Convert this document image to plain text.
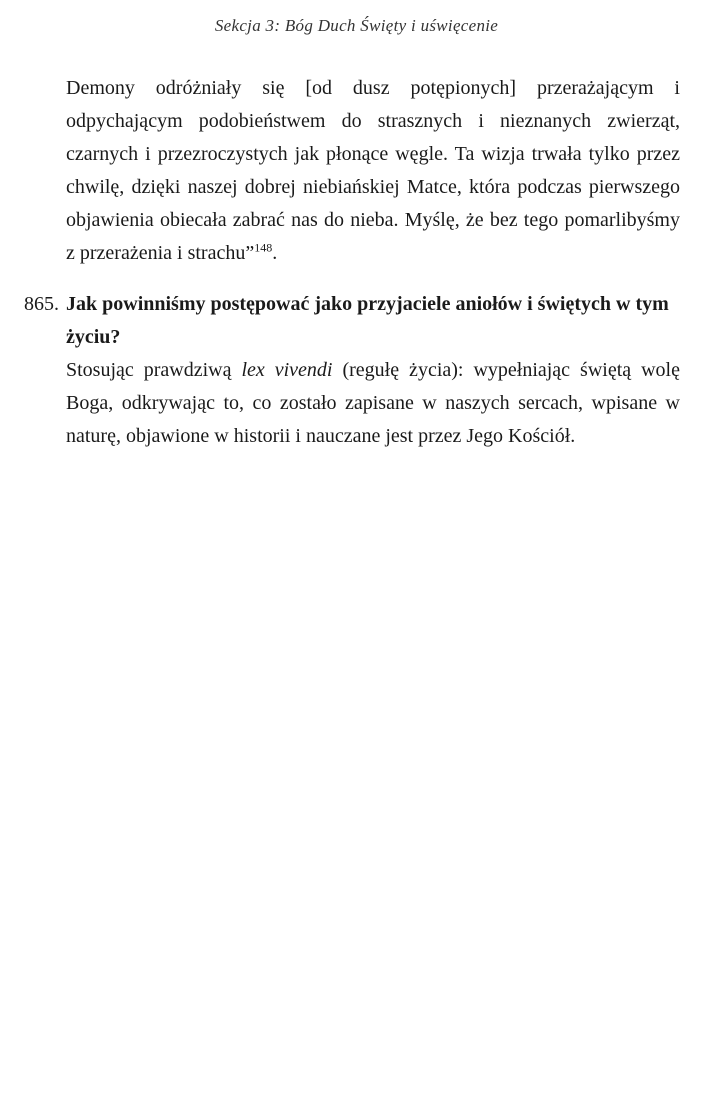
Sekcja 3: Bóg Duch Święty i uświęcenie

Demony odróżniały się [od dusz potępionych] przerażającym i odpychającym podobieństwem do strasznych i nieznanych zwierząt, czarnych i przezroczystych jak płonące węgle. Ta wizja trwała tylko przez chwilę, dzięki naszej dobrej niebiańskiej Matce, która podczas pierwszego objawienia obiecała zabrać nas do nieba. Myślę, że bez tego pomarlibyśmy z przerażenia i strachu”$^{148}$.

865. Jak powinniśmy postępować jako przyjaciele aniołów i świętych w tym życiu?

Stosując prawdziwą lex vivendi (regułę życia): wypełniając świętą wolę Boga, odkrywając to, co zostało zapisane w naszych sercach, wpisane w naturę, objawione w historii i nauczane jest przez Jego Kościół.
